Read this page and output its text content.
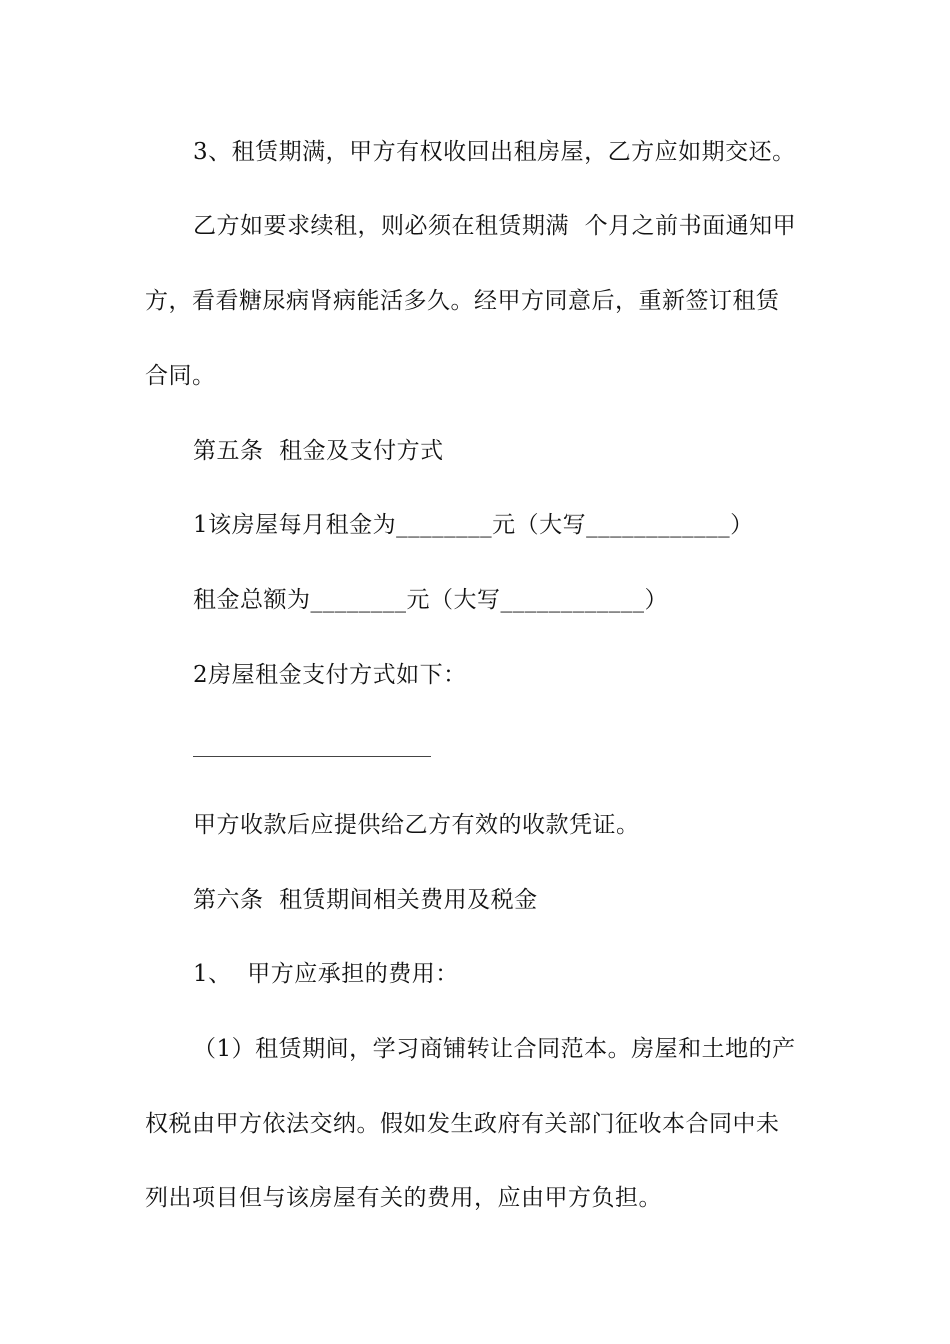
3、租赁期满，甲方有权收回出租房屋，乙方应如期交还。
乙方如要求续租，则必须在租赁期满  个月之前书面通知甲
方，看看糖尿病肾病能活多久。经甲方同意后，重新签订租赁
合同。
第五条  租金及支付方式
1该房屋每月租金为________元（大写____________）
租金总额为________元（大写____________）
2房屋租金支付方式如下：
甲方收款后应提供给乙方有效的收款凭证。
第六条  租赁期间相关费用及税金
1、  甲方应承担的费用：
（1）租赁期间，学习商铺转让合同范本。房屋和土地的产
权税由甲方依法交纳。假如发生政府有关部门征收本合同中未
列出项目但与该房屋有关的费用，应由甲方负担。
